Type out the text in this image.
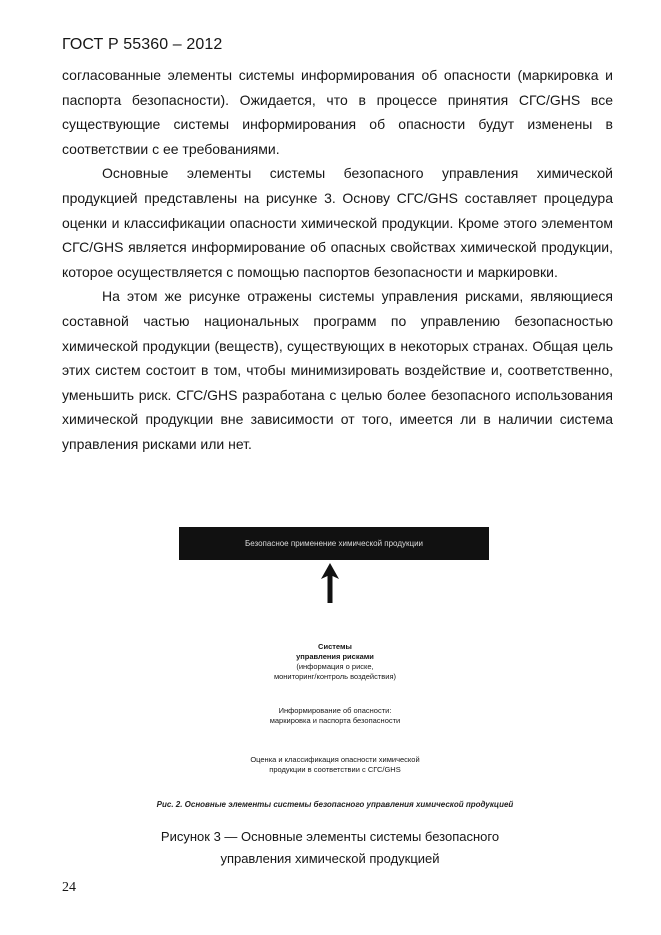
ГОСТ Р 55360 – 2012

согласованные элементы системы информирования об опасности (маркировка и паспорта безопасности). Ожидается, что в процессе принятия СГС/GHS все существующие системы информирования об опасности будут изменены в соответствии с ее требованиями.

Основные элементы системы безопасного управления химической продукцией представлены на рисунке 3. Основу СГС/GHS составляет процедура оценки и классификации опасности химической продукции. Кроме этого элементом СГС/GHS является информирование об опасных свойствах химической продукции, которое осуществляется с помощью паспортов безопасности и маркировки.

На этом же рисунке отражены системы управления рисками, являющиеся составной частью национальных программ по управлению безопасностью химической продукции (веществ), существующих в некоторых странах. Общая цель этих систем состоит в том, чтобы минимизировать воздействие и, соответственно, уменьшить риск. СГС/GHS разработана с целью более безопасного использования химической продукции вне зависимости от того, имеется ли в наличии система управления рисками или нет.

Безопасное применение химической продукции
Системы
управления рисками
(информация о риске,
мониторинг/контроль воздействия)
Информирование об опасности:
маркировка и паспорта безопасности
Оценка и классификация опасности химической
продукции в соответствии с СГС/GHS
Рис. 2. Основные элементы системы безопасного управления химической продукцией
Рисунок 3 — Основные элементы системы безопасного
управления химической продукцией
24
